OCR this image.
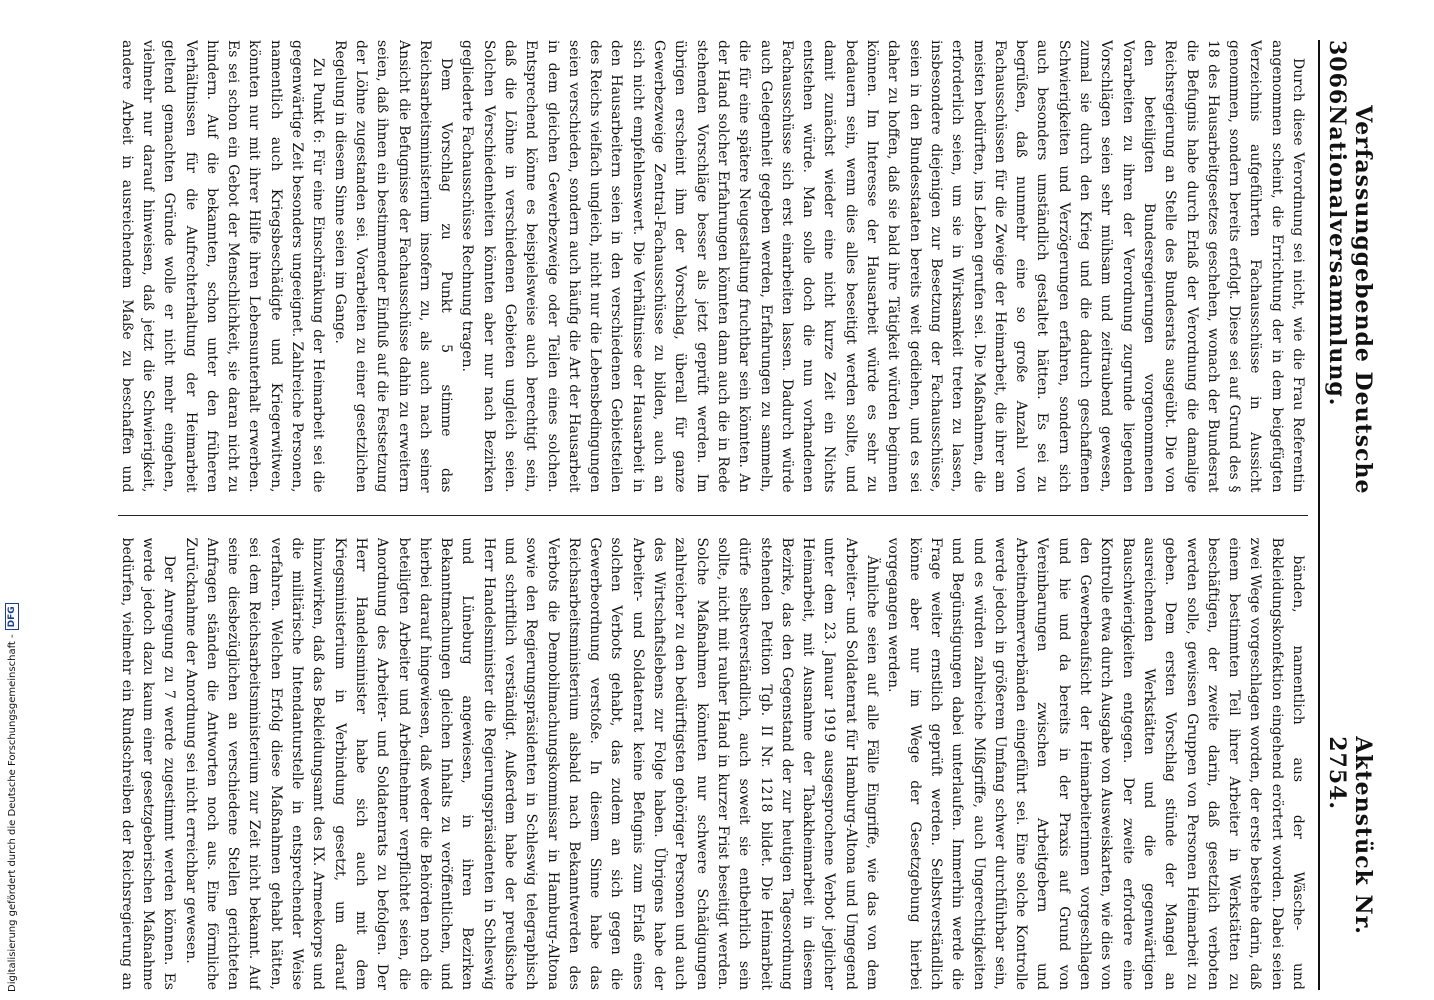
3066
Verfassunggebende Deutsche Nationalversammlung.
Aktenstück Nr. 2754.

Durch diese Verordnung sei nicht, wie die Frau Referentin angenommen scheint, die Errichtung der in dem beigefügten Verzeichnis aufgeführten Fachausschüsse in Aussicht genommen, sondern bereits erfolgt. Diese sei auf Grund des § 18 des Hausarbeitgesetzes geschehen, wonach der Bundesrat die Befugnis habe durch Erlaß der Verordnung die damalige Reichsregierung an Stelle des Bundesrats ausgeübt. Die von den beteiligten Bundesregierungen vorgenommenen Vorarbeiten zu ihren der Verordnung zugrunde liegenden Vorschlägen seien sehr mühsam und zeitraubend gewesen, zumal sie durch den Krieg und die dadurch geschaffenen Schwierigkeiten und Verzögerungen erfahren, sondern sich auch besonders umständlich gestaltet hätten. Es sei zu begrüßen, daß nunmehr eine so große Anzahl von Fachausschüssen für die Zweige der Heimarbeit, die ihrer am meisten bedürften, ins Leben gerufen sei. Die Maßnahmen, die erforderlich seien, um sie in Wirksamkeit treten zu lassen, insbesondere diejenigen zur Besetzung der Fachausschüsse, seien in den Bundesstaaten bereits weit gediehen, und es sei daher zu hoffen, daß sie bald ihre Tätigkeit würden beginnen können. Im Interesse der Hausarbeit würde es sehr zu bedauern sein, wenn dies alles beseitigt werden sollte, und damit zunächst wieder eine nicht kurze Zeit ein Nichts entstehen würde. Man solle doch die nun vorhandenen Fachausschüsse sich erst einarbeiten lassen. Dadurch würde auch Gelegenheit gegeben werden, Erfahrungen zu sammeln, die für eine spätere Neugestaltung fruchtbar sein könnten. An der Hand solcher Erfahrungen könnten dann auch die in Rede stehenden Vorschläge besser als jetzt geprüft werden. Im übrigen erscheint ihm der Vorschlag, überall für ganze Gewerbezweige Zentral-Fachausschüsse zu bilden, auch an sich nicht empfehlenswert. Die Verhältnisse der Hausarbeit in den Hausarbeitern seien in den verschiedenen Gebietsteilen des Reichs vielfach ungleich, nicht nur die Lebensbedingungen seien verschieden, sondern auch häufig die Art der Hausarbeit in dem gleichen Gewerbezweige oder Teilen eines solchen. Entsprechend könne es beispielsweise auch berechtigt sein, daß die Löhne in verschiedenen Gebieten ungleich seien. Solchen Verschiedenheiten könnten aber nur nach Bezirken gegliederte Fachausschüsse Rechnung tragen.

Dem Vorschlag zu Punkt 5 stimme das Reichsarbeitsministerium insofern zu, als auch nach seiner Ansicht die Befugnisse der Fachausschüsse dahin zu erweitern seien, daß ihnen ein bestimmender Einfluß auf die Festsetzung der Löhne zugestanden sei. Vorarbeiten zu einer gesetzlichen Regelung in diesem Sinne seien im Gange.

Zu Punkt 6: Für eine Einschränkung der Heimarbeit sei die gegenwärtige Zeit besonders ungeeignet. Zahlreiche Personen, namentlich auch Kriegsbeschädigte und Kriegerwitwen, könnten nur mit ihrer Hilfe ihren Lebensunterhalt erwerben. Es sei schon ein Gebot der Menschlichkeit, sie daran nicht zu hindern. Auf die bekannten, schon unter den früheren Verhältnissen für die Aufrechterhaltung der Heimarbeit geltend gemachten Gründe wolle er nicht mehr eingehen, vielmehr nur darauf hinweisen, daß jetzt die Schwierigkeit, andere Arbeit in ausreichendem Maße zu beschaffen und

bänden, namentlich aus der Wäsche- und Bekleidungskonfektion eingehend erörtert worden. Dabei seien zwei Wege vorgeschlagen worden, der erste bestehe darin, daß einem bestimmten Teil ihrer Arbeiter in Werkstätten zu beschäftigen, der zweite darin, daß gesetzlich verboten werden solle, gewissen Gruppen von Personen Heimarbeit zu geben. Dem ersten Vorschlag stünde der Mangel an ausreichenden Werkstätten und die gegenwärtigen Bauschwierigkeiten entgegen. Der zweite erfordere eine Kontrolle etwa durch Ausgabe von Ausweiskarten, wie dies von den Gewerbeaufsicht der Heimarbeiterinnen vorgeschlagen und hie und da bereits in der Praxis auf Grund von Vereinbarungen zwischen Arbeitgebern und Arbeitnehmerverbänden eingeführt sei. Eine solche Kontrolle werde jedoch in größerem Umfang schwer durchführbar sein, und es würden zahlreiche Mißgriffe, auch Ungerechtigkeiten und Begünstigungen dabei unterlaufen. Immerhin werde die Frage weiter ernstlich geprüft werden. Selbstverständlich könne aber nur im Wege der Gesetzgebung hierbei vorgegangen werden.

Ähnliche seien auf alle Fälle Eingriffe, wie das von dem Arbeiter- und Soldatenrat für Hamburg-Altona und Umgegend unter dem 23. Januar 1919 ausgesprochene Verbot jeglicher Heimarbeit, mit Ausnahme der Tabakheimarbeit in diesem Bezirke, das den Gegenstand der zur heutigen Tagesordnung stehenden Petition Tgb. II Nr. 1218 bildet. Die Heimarbeit dürfe selbstverständlich, auch soweit sie entbehrlich sein sollte, nicht mit rauher Hand in kurzer Frist beseitigt werden. Solche Maßnahmen könnten nur schwere Schädigungen zahlreicher zu den bedürftigsten gehöriger Personen und auch des Wirtschaftslebens zur Folge haben. Übrigens habe der Arbeiter- und Soldatenrat keine Befugnis zum Erlaß eines solchen Verbots gehabt, das zudem an sich gegen die Gewerbeordnung verstoße. In diesem Sinne habe das Reichsarbeitsministerium alsbald nach Bekanntwerden des Verbots die Demobilmachungskommissar in Hamburg-Altona sowie den Regierungspräsidenten in Schleswig telegraphisch und schriftlich verständigt. Außerdem habe der preußische Herr Handelsminister die Regierungspräsidenten in Schleswig und Lüneburg angewiesen, in ihren Bezirken Bekanntmachungen gleichen Inhalts zu veröffentlichen, und hierbei darauf hingewiesen, daß weder die Behörden noch die beteiligten Arbeiter und Arbeitnehmer verpflichtet seien, die Anordnung des Arbeiter- und Soldatenrats zu befolgen. Der Herr Handelsminister habe sich auch mit dem Kriegsministerium in Verbindung gesetzt, um darauf hinzuwirken, daß das Bekleidungsamt des IX. Armeekorps und die militärische Intendanturstelle in entsprechender Weise verfahren. Welchen Erfolg diese Maßnahmen gehabt hätten, sei dem Reichsarbeitsministerium zur Zeit nicht bekannt. Auf seine diesbezüglichen an verschiedene Stellen gerichteten Anfragen ständen die Antworten noch aus. Eine förmliche Zurücknahme der Anordnung sei nicht erreichbar gewesen.

Der Anregung zu 7 werde zugestimmt werden können. Es werde jedoch dazu kaum einer gesetzgeberischen Maßnahme bedürfen, vielmehr ein Rundschreiben der Reichsregierung an

Digitalisierung gefördert durch die Deutsche Forschungsgemeinschaft -
DFG
